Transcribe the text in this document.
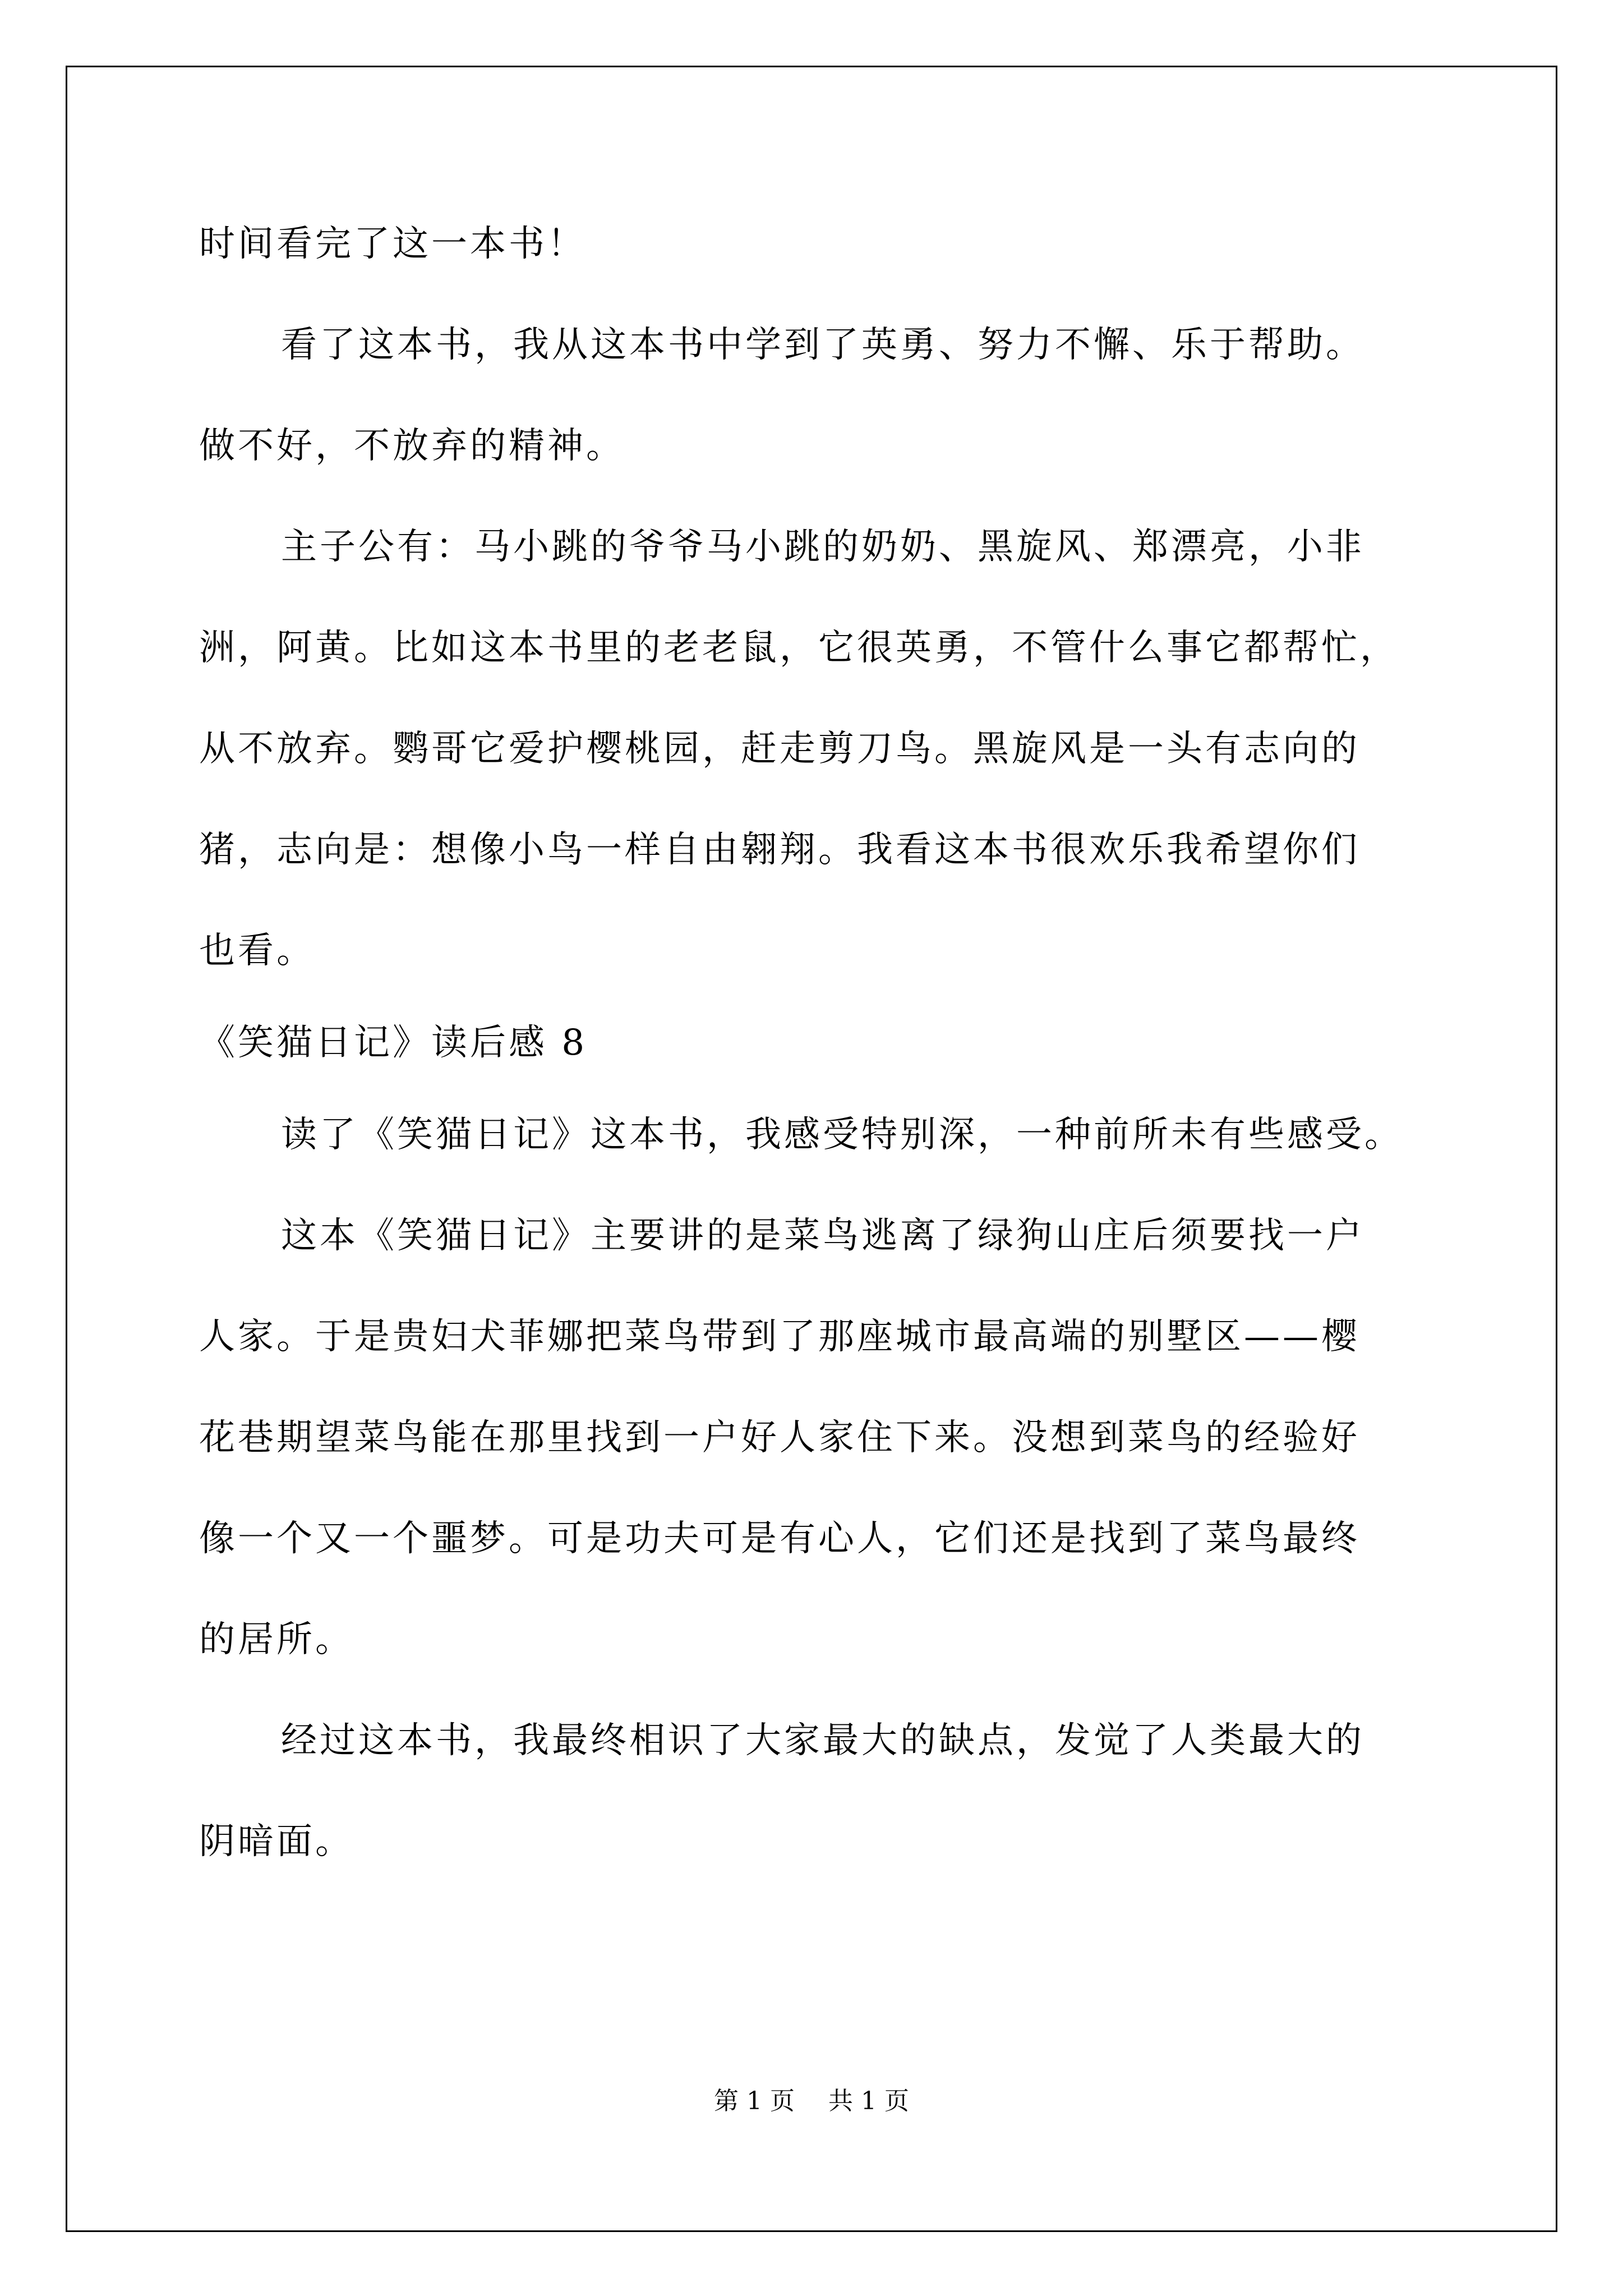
时间看完了这一本书！
看了这本书，我从这本书中学到了英勇、努力不懈、乐于帮助。
做不好，不放弃的精神。
主子公有：马小跳的爷爷马小跳的奶奶、黑旋风、郑漂亮，小非
洲，阿黄。比如这本书里的老老鼠，它很英勇，不管什么事它都帮忙，
从不放弃。鹦哥它爱护樱桃园，赶走剪刀鸟。黑旋风是一头有志向的
猪，志向是：想像小鸟一样自由翱翔。我看这本书很欢乐我希望你们
也看。
《笑猫日记》读后感 8
读了《笑猫日记》这本书，我感受特别深，一种前所未有些感受。
这本《笑猫日记》主要讲的是菜鸟逃离了绿狗山庄后须要找一户
人家。于是贵妇犬菲娜把菜鸟带到了那座城市最高端的别墅区——樱
花巷期望菜鸟能在那里找到一户好人家住下来。没想到菜鸟的经验好
像一个又一个噩梦。可是功夫可是有心人，它们还是找到了菜鸟最终
的居所。
经过这本书，我最终相识了大家最大的缺点，发觉了人类最大的
阴暗面。
第 1 页 共 1 页
